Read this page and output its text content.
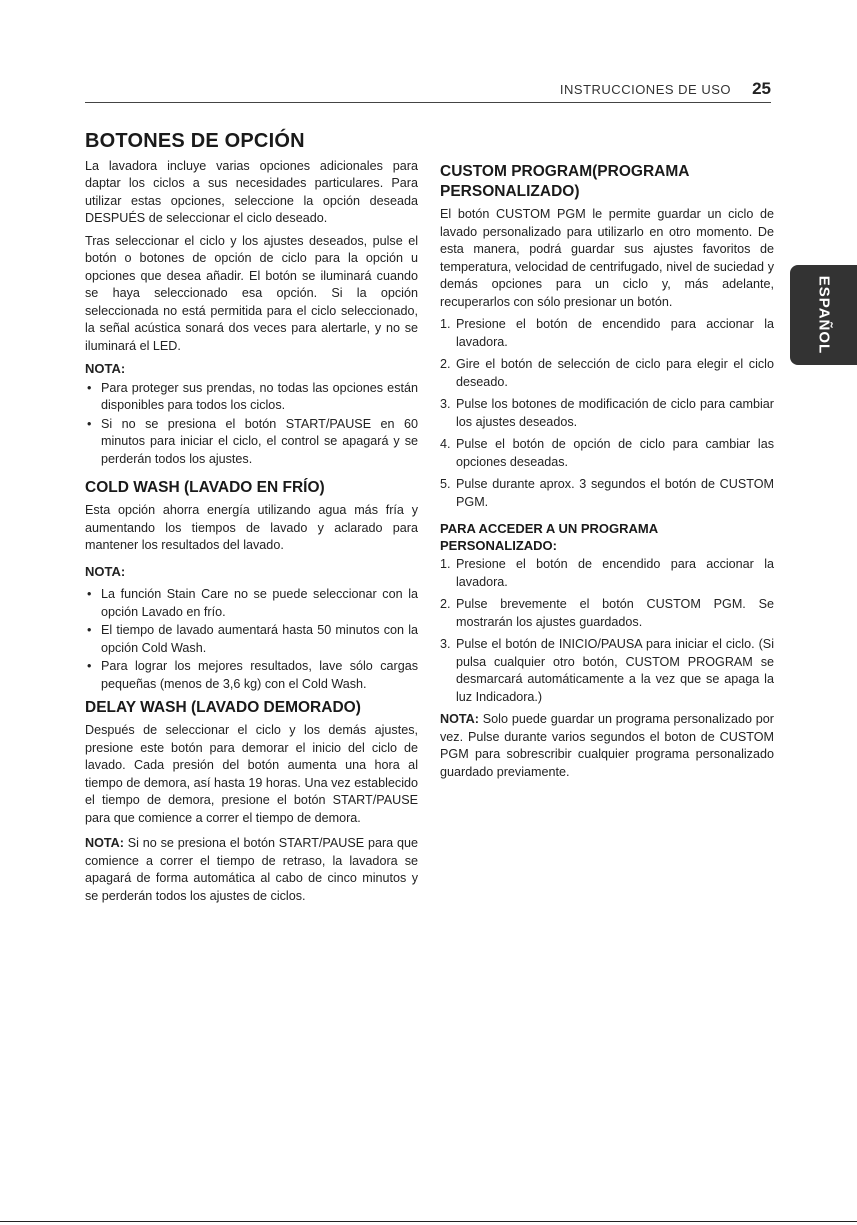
INSTRUCCIONES DE USO 25
ESPAÑOL
BOTONES DE OPCIÓN

La lavadora incluye varias opciones adicionales para daptar los ciclos a sus necesidades particulares. Para utilizar estas opciones, seleccione la opción deseada DESPUÉS de seleccionar el ciclo deseado.

Tras seleccionar el ciclo y los ajustes deseados, pulse el botón o botones de opción de ciclo para la opción u opciones que desea añadir. El botón se iluminará cuando se haya seleccionado esa opción. Si la opción seleccionada no está permitida para el ciclo seleccionado, la señal acústica sonará dos veces para alertarle, y no se iluminará el LED.

NOTA:
• Para proteger sus prendas, no todas las opciones están disponibles para todos los ciclos.
• Si no se presiona el botón START/PAUSE en 60 minutos para iniciar el ciclo, el control se apagará y se perderán todos los ajustes.
COLD WASH (LAVADO EN FRÍO)

Esta opción ahorra energía utilizando agua más fría y aumentando los tiempos de lavado y aclarado para mantener los resultados del lavado.

NOTA:
• La función Stain Care no se puede seleccionar con la opción Lavado en frío.
• El tiempo de lavado aumentará hasta 50 minutos con la opción Cold Wash.
• Para lograr los mejores resultados, lave sólo cargas pequeñas (menos de 3,6 kg) con el Cold Wash.
DELAY WASH (LAVADO DEMORADO)

Después de seleccionar el ciclo y los demás ajustes, presione este botón para demorar el inicio del ciclo de lavado. Cada presión del botón aumenta una hora al tiempo de demora, así hasta 19 horas. Una vez establecido el tiempo de demora, presione el botón START/PAUSE para que comience a correr el tiempo de demora.

NOTA: Si no se presiona el botón START/PAUSE para que comience a correr el tiempo de retraso, la lavadora se apagará de forma automática al cabo de cinco minutos y se perderán todos los ajustes de ciclos.

CUSTOM PROGRAM(PROGRAMA PERSONALIZADO)

El botón CUSTOM PGM le permite guardar un ciclo de lavado personalizado para utilizarlo en otro momento. De esta manera, podrá guardar sus ajustes favoritos de temperatura, velocidad de centrifugado, nivel de suciedad y demás opciones para un ciclo y, más adelante, recuperarlos con sólo presionar un botón.

1. Presione el botón de encendido para accionar la lavadora.
2. Gire el botón de selección de ciclo para elegir el ciclo deseado.
3. Pulse los botones de modificación de ciclo para cambiar los ajustes deseados.
4. Pulse el botón de opción de ciclo para cambiar las opciones deseadas.
5. Pulse durante aprox. 3 segundos el botón de CUSTOM PGM.
PARA ACCEDER A UN PROGRAMA PERSONALIZADO:
1. Presione el botón de encendido para accionar la lavadora.
2. Pulse brevemente el botón CUSTOM PGM. Se mostrarán los ajustes guardados.
3. Pulse el botón de INICIO/PAUSA para iniciar el ciclo. (Si pulsa cualquier otro botón, CUSTOM PROGRAM se desmarcará automáticamente a la vez que se apaga la luz Indicadora.)

NOTA: Solo puede guardar un programa personalizado por vez. Pulse durante varios segundos el boton de CUSTOM PGM para sobrescribir cualquier programa personalizado guardado previamente.
